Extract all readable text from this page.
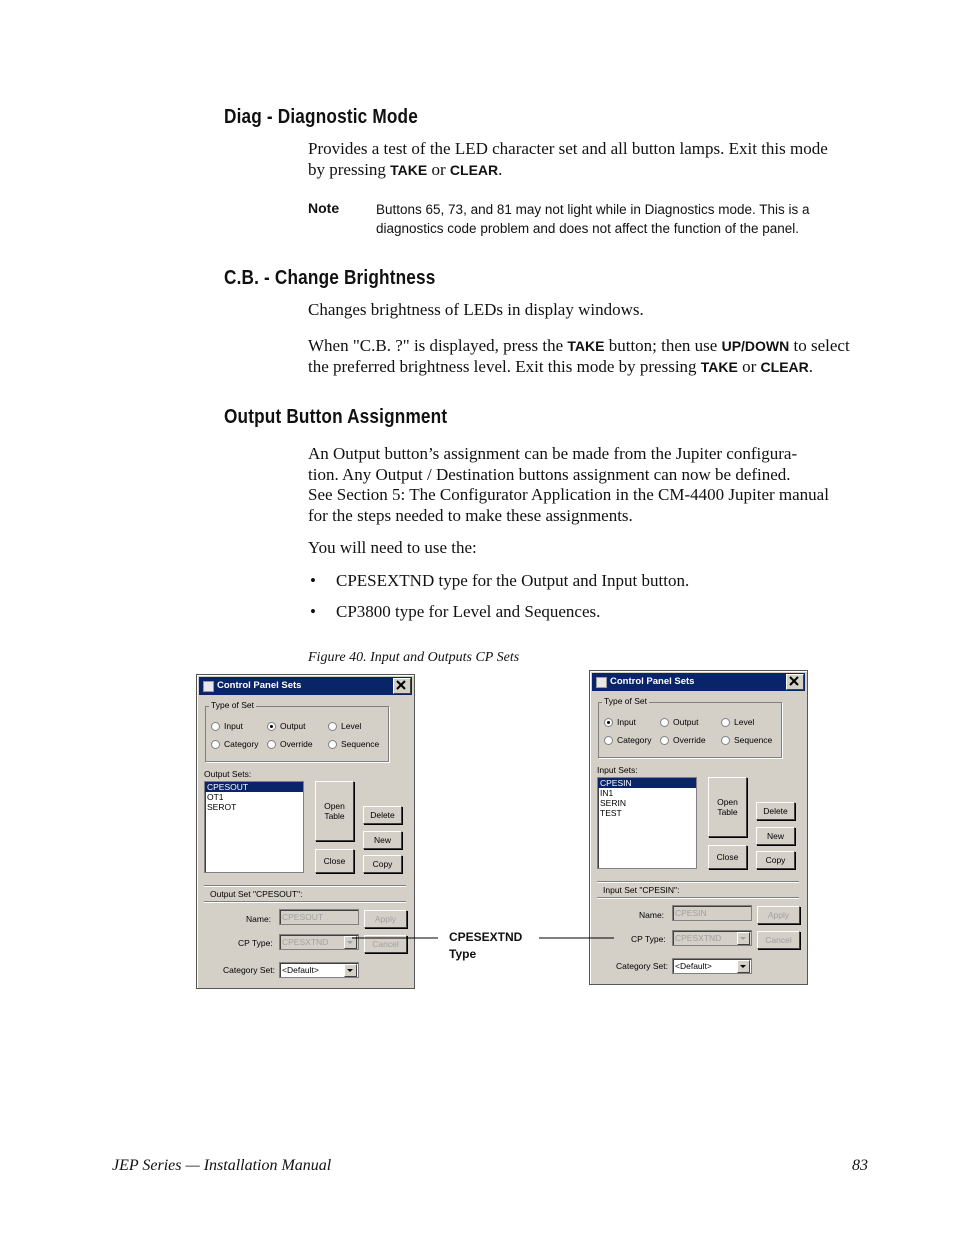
Diag - Diagnostic Mode
Provides a test of the LED character set and all button lamps. Exit this mode
by pressing TAKE or CLEAR.
Note	Buttons 65, 73, and 81 may not light while in Diagnostics mode. This is a
diagnostics code problem and does not affect the function of the panel.
C.B. - Change Brightness
Changes brightness of LEDs in display windows.
When "C.B. ?" is displayed, press the TAKE button; then use UP/DOWN to select
the preferred brightness level. Exit this mode by pressing TAKE or CLEAR.
Output Button Assignment
An Output button’s assignment can be made from the Jupiter configura-
tion. Any Output / Destination buttons assignment can now be defined.
See Section 5: The Configurator Application in the CM-4400 Jupiter manual
for the steps needed to make these assignments.
You will need to use the:
• CPESEXTND type for the Output and Input button.
• CP3800 type for Level and Sequences.
Figure 40. Input and Outputs CP Sets
Control Panel Sets
Type of Set
Input	Output	Level
Category	Override	Sequence
Output Sets:
CPESOUT
OT1
SEROT	Open
Table	Delete
New
Close	Copy
Output Set "CPESOUT":
Name:	CPESOUT	Apply
CP Type:	CPESXTND	Cancel
Category Set: <Default>
Control Panel Sets
Type of Set
Input	Output	Level
Category	Override	Sequence
Input Sets:
CPESIN
IN1
SERIN
TEST
Open
Table	Delete
New
Close	Copy
Input Set "CPESIN":
Name:	CPESIN	Apply
CP Type:	CPESXTND	Cancel
Category Set: <Default>
CPESEXTND
Type
JEP Series — Installation Manual	83
